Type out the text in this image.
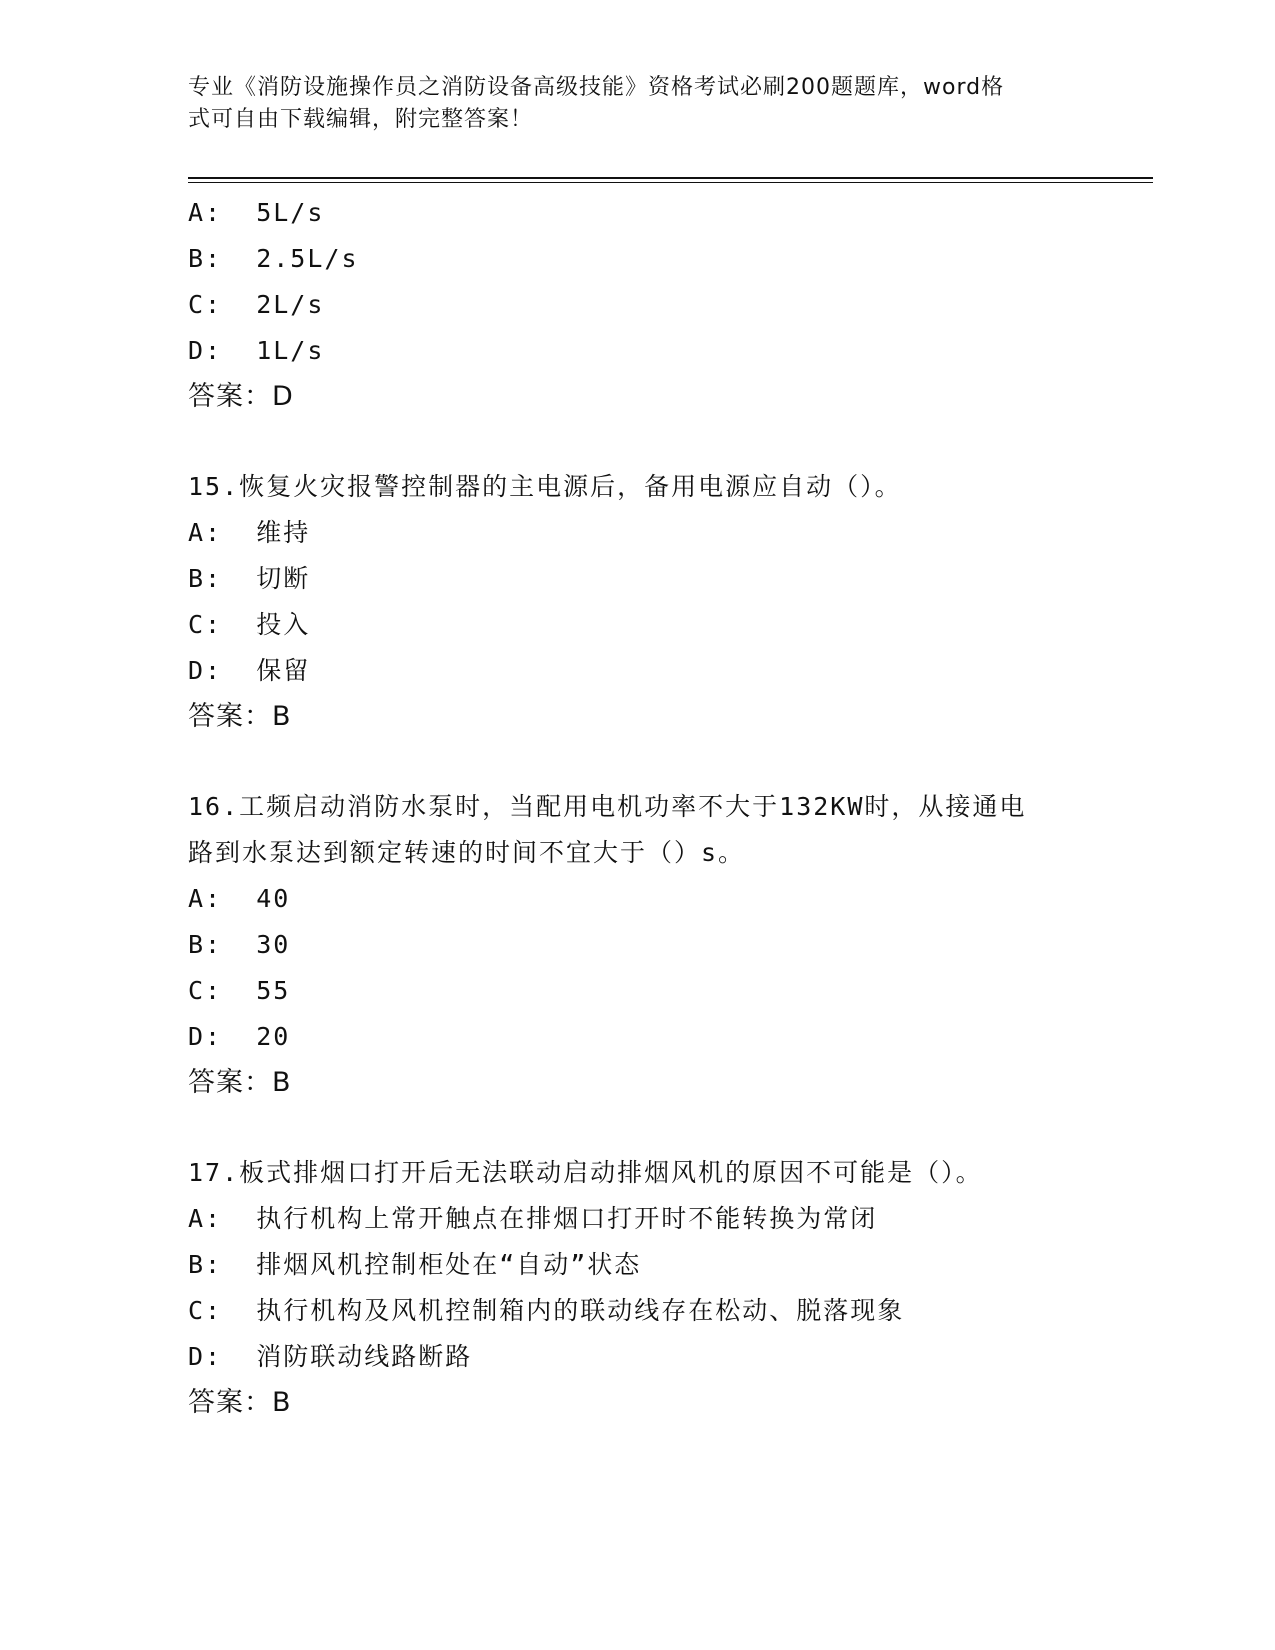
专业《消防设施操作员之消防设备高级技能》资格考试必刷200题题库，word格
式可自由下载编辑，附完整答案！
A:  5L/s
B:  2.5L/s
C:  2L/s
D:  1L/s
答案：D
15.恢复火灾报警控制器的主电源后，备用电源应自动（）。
A:  维持
B:  切断
C:  投入
D:  保留
答案：B
16.工频启动消防水泵时，当配用电机功率不大于132KW时，从接通电
路到水泵达到额定转速的时间不宜大于（）s。
A:  40
B:  30
C:  55
D:  20
答案：B
17.板式排烟口打开后无法联动启动排烟风机的原因不可能是（）。
A:  执行机构上常开触点在排烟口打开时不能转换为常闭
B:  排烟风机控制柜处在“自动”状态
C:  执行机构及风机控制箱内的联动线存在松动、脱落现象
D:  消防联动线路断路
答案：B
